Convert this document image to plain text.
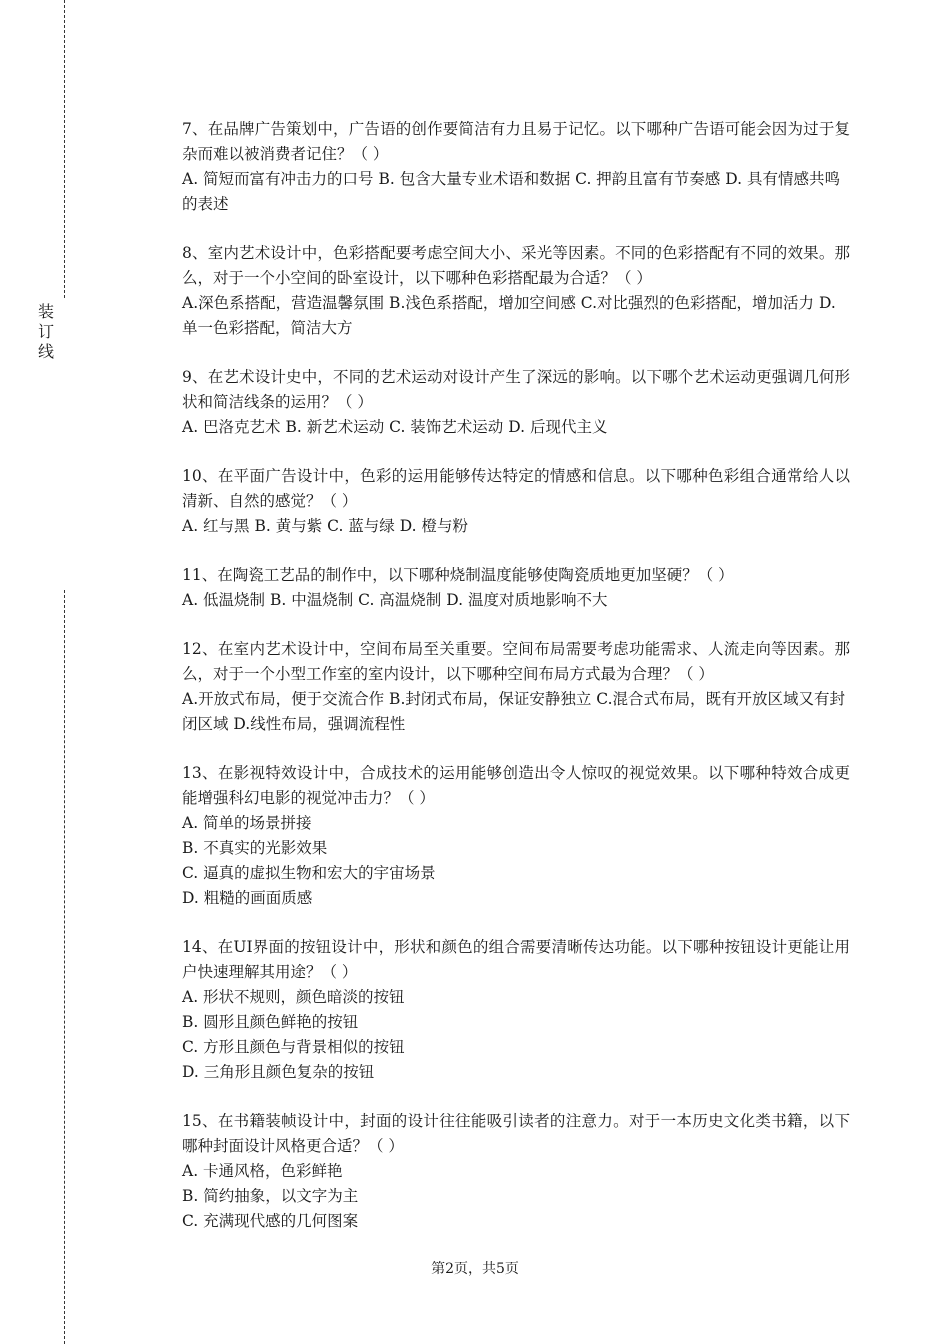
装
订
线

7、在品牌广告策划中，广告语的创作要简洁有力且易于记忆。以下哪种广告语可能会因为过于复杂而难以被消费者记住？（ ）

A. 简短而富有冲击力的口号 B. 包含大量专业术语和数据 C. 押韵且富有节奏感 D. 具有情感共鸣的表述

8、室内艺术设计中，色彩搭配要考虑空间大小、采光等因素。不同的色彩搭配有不同的效果。那么，对于一个小空间的卧室设计，以下哪种色彩搭配最为合适？（ ）

A.深色系搭配，营造温馨氛围 B.浅色系搭配，增加空间感 C.对比强烈的色彩搭配，增加活力 D.单一色彩搭配，简洁大方

9、在艺术设计史中，不同的艺术运动对设计产生了深远的影响。以下哪个艺术运动更强调几何形状和简洁线条的运用？（ ）

A. 巴洛克艺术 B. 新艺术运动 C. 装饰艺术运动 D. 后现代主义

10、在平面广告设计中，色彩的运用能够传达特定的情感和信息。以下哪种色彩组合通常给人以清新、自然的感觉？（ ）

A. 红与黑 B. 黄与紫 C. 蓝与绿 D. 橙与粉

11、在陶瓷工艺品的制作中，以下哪种烧制温度能够使陶瓷质地更加坚硬？（ ）

A. 低温烧制 B. 中温烧制 C. 高温烧制 D. 温度对质地影响不大

12、在室内艺术设计中，空间布局至关重要。空间布局需要考虑功能需求、人流走向等因素。那么，对于一个小型工作室的室内设计，以下哪种空间布局方式最为合理？（ ）

A.开放式布局，便于交流合作 B.封闭式布局，保证安静独立 C.混合式布局，既有开放区域又有封闭区域 D.线性布局，强调流程性

13、在影视特效设计中，合成技术的运用能够创造出令人惊叹的视觉效果。以下哪种特效合成更能增强科幻电影的视觉冲击力？（ ）

A. 简单的场景拼接

B. 不真实的光影效果

C. 逼真的虚拟生物和宏大的宇宙场景

D. 粗糙的画面质感

14、在UI界面的按钮设计中，形状和颜色的组合需要清晰传达功能。以下哪种按钮设计更能让用户快速理解其用途？（ ）

A. 形状不规则，颜色暗淡的按钮

B. 圆形且颜色鲜艳的按钮

C. 方形且颜色与背景相似的按钮

D. 三角形且颜色复杂的按钮

15、在书籍装帧设计中，封面的设计往往能吸引读者的注意力。对于一本历史文化类书籍，以下哪种封面设计风格更合适？（ ）

A. 卡通风格，色彩鲜艳

B. 简约抽象，以文字为主

C. 充满现代感的几何图案

第2页，共5页
